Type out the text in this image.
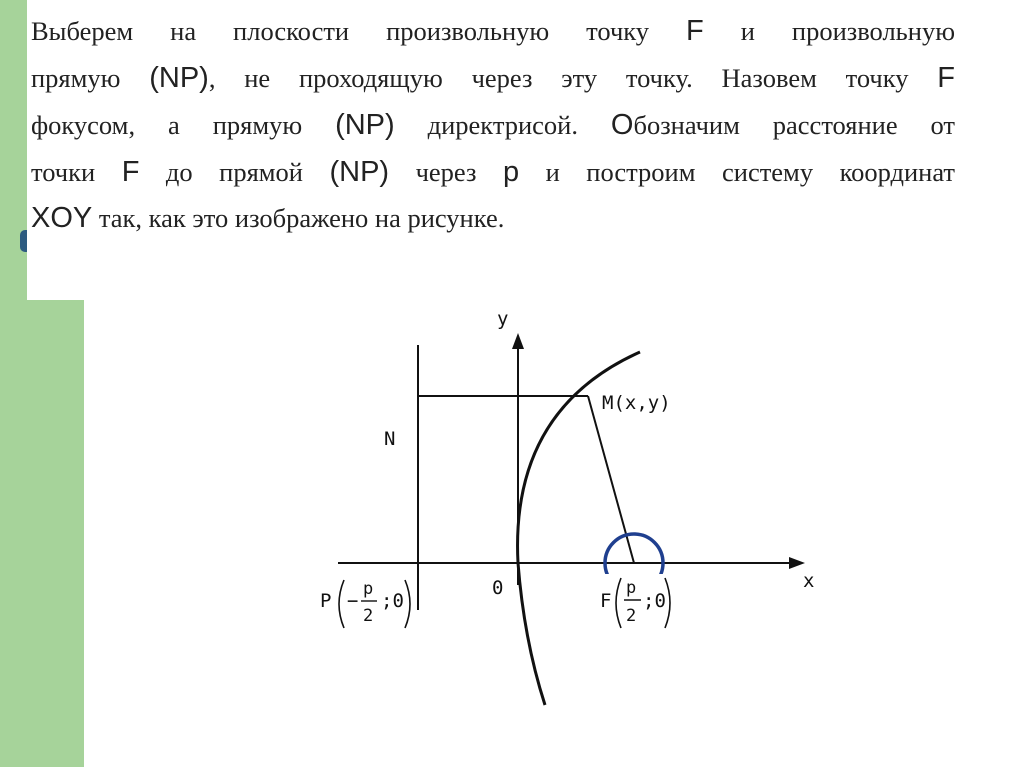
Выберем на плоскости произвольную точку F и произвольную
прямую (NP), не проходящую через эту точку. Назовем точку F
фокусом, а прямую (NP) директрисой. Обозначим расстояние от
точки F до прямой (NP) через p и построим систему координат
XOY так, как это изображено на рисунке.
y
x
0
N
M(x,y)
P −
p
2
;0	F
p
2
;0
